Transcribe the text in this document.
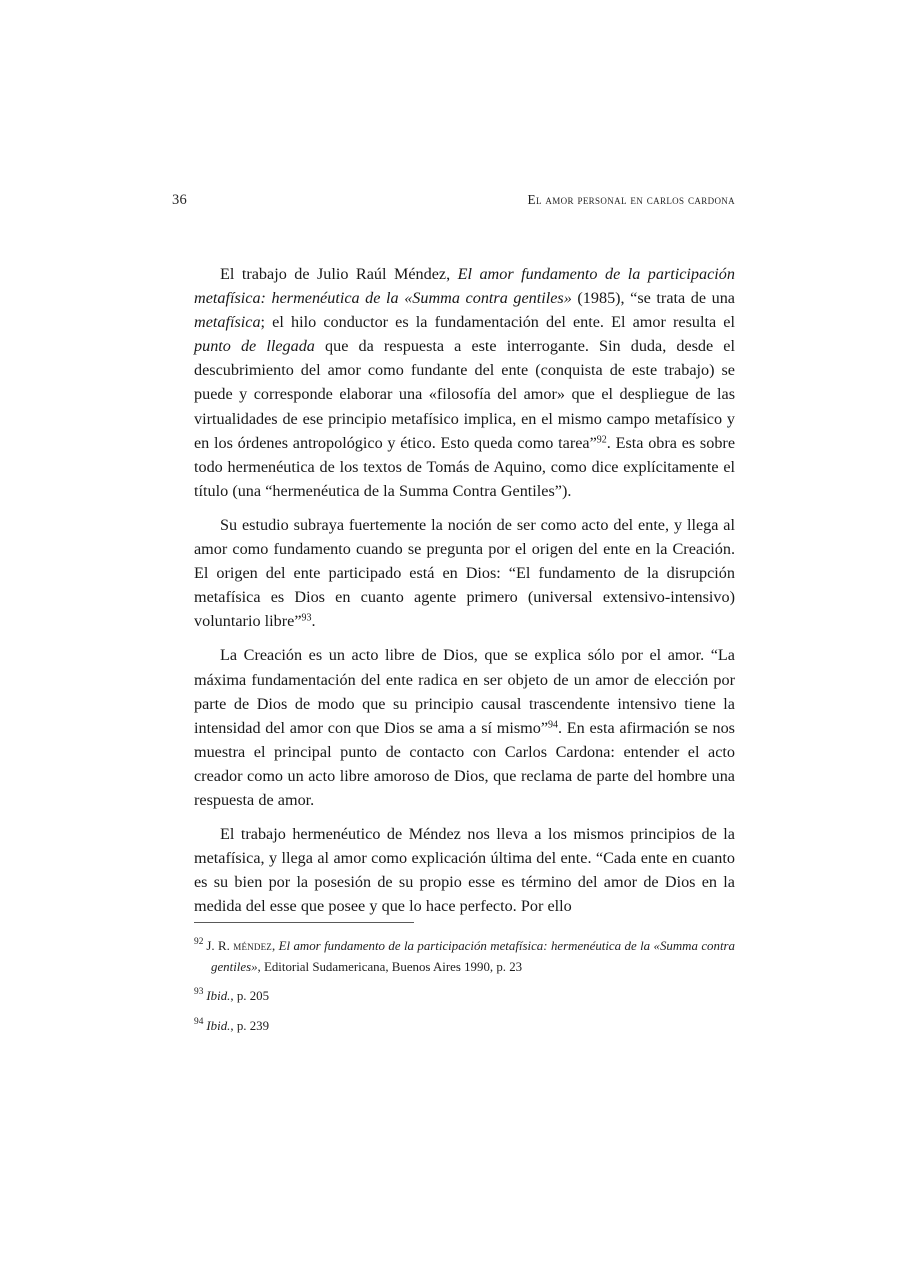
36	el amor personal en carlos cardona

El trabajo de Julio Raúl Méndez, El amor fundamento de la participación metafísica: hermenéutica de la «Summa contra gentiles» (1985), “se trata de una metafísica; el hilo conductor es la fundamentación del ente. El amor resulta el punto de llegada que da respuesta a este interrogante. Sin duda, desde el descubrimiento del amor como fundante del ente (conquista de este trabajo) se puede y corresponde elaborar una «filosofía del amor» que el despliegue de las virtualidades de ese principio metafísico implica, en el mismo campo metafísico y en los órdenes antropológico y ético. Esto queda como tarea”$^{92}$. Esta obra es sobre todo hermenéutica de los textos de Tomás de Aquino, como dice explícitamente el título (una “hermenéutica de la Summa Contra Gentiles”).

Su estudio subraya fuertemente la noción de ser como acto del ente, y llega al amor como fundamento cuando se pregunta por el origen del ente en la Creación. El origen del ente participado está en Dios: “El fundamento de la disrupción metafísica es Dios en cuanto agente primero (universal extensivo-intensivo) voluntario libre”$^{93}$.

La Creación es un acto libre de Dios, que se explica sólo por el amor. “La máxima fundamentación del ente radica en ser objeto de un amor de elección por parte de Dios de modo que su principio causal trascendente intensivo tiene la intensidad del amor con que Dios se ama a sí mismo”$^{94}$. En esta afirmación se nos muestra el principal punto de contacto con Carlos Cardona: entender el acto creador como un acto libre amoroso de Dios, que reclama de parte del hombre una respuesta de amor.

El trabajo hermenéutico de Méndez nos lleva a los mismos principios de la metafísica, y llega al amor como explicación última del ente. “Cada ente en cuanto es su bien por la posesión de su propio esse es término del amor de Dios en la medida del esse que posee y que lo hace perfecto. Por ello

$^{92}$ J. R. méndez, El amor fundamento de la participación metafísica: hermenéutica de la «Summa contra gentiles», Editorial Sudamericana, Buenos Aires 1990, p. 23

$^{93}$ Ibid., p. 205

$^{94}$ Ibid., p. 239
